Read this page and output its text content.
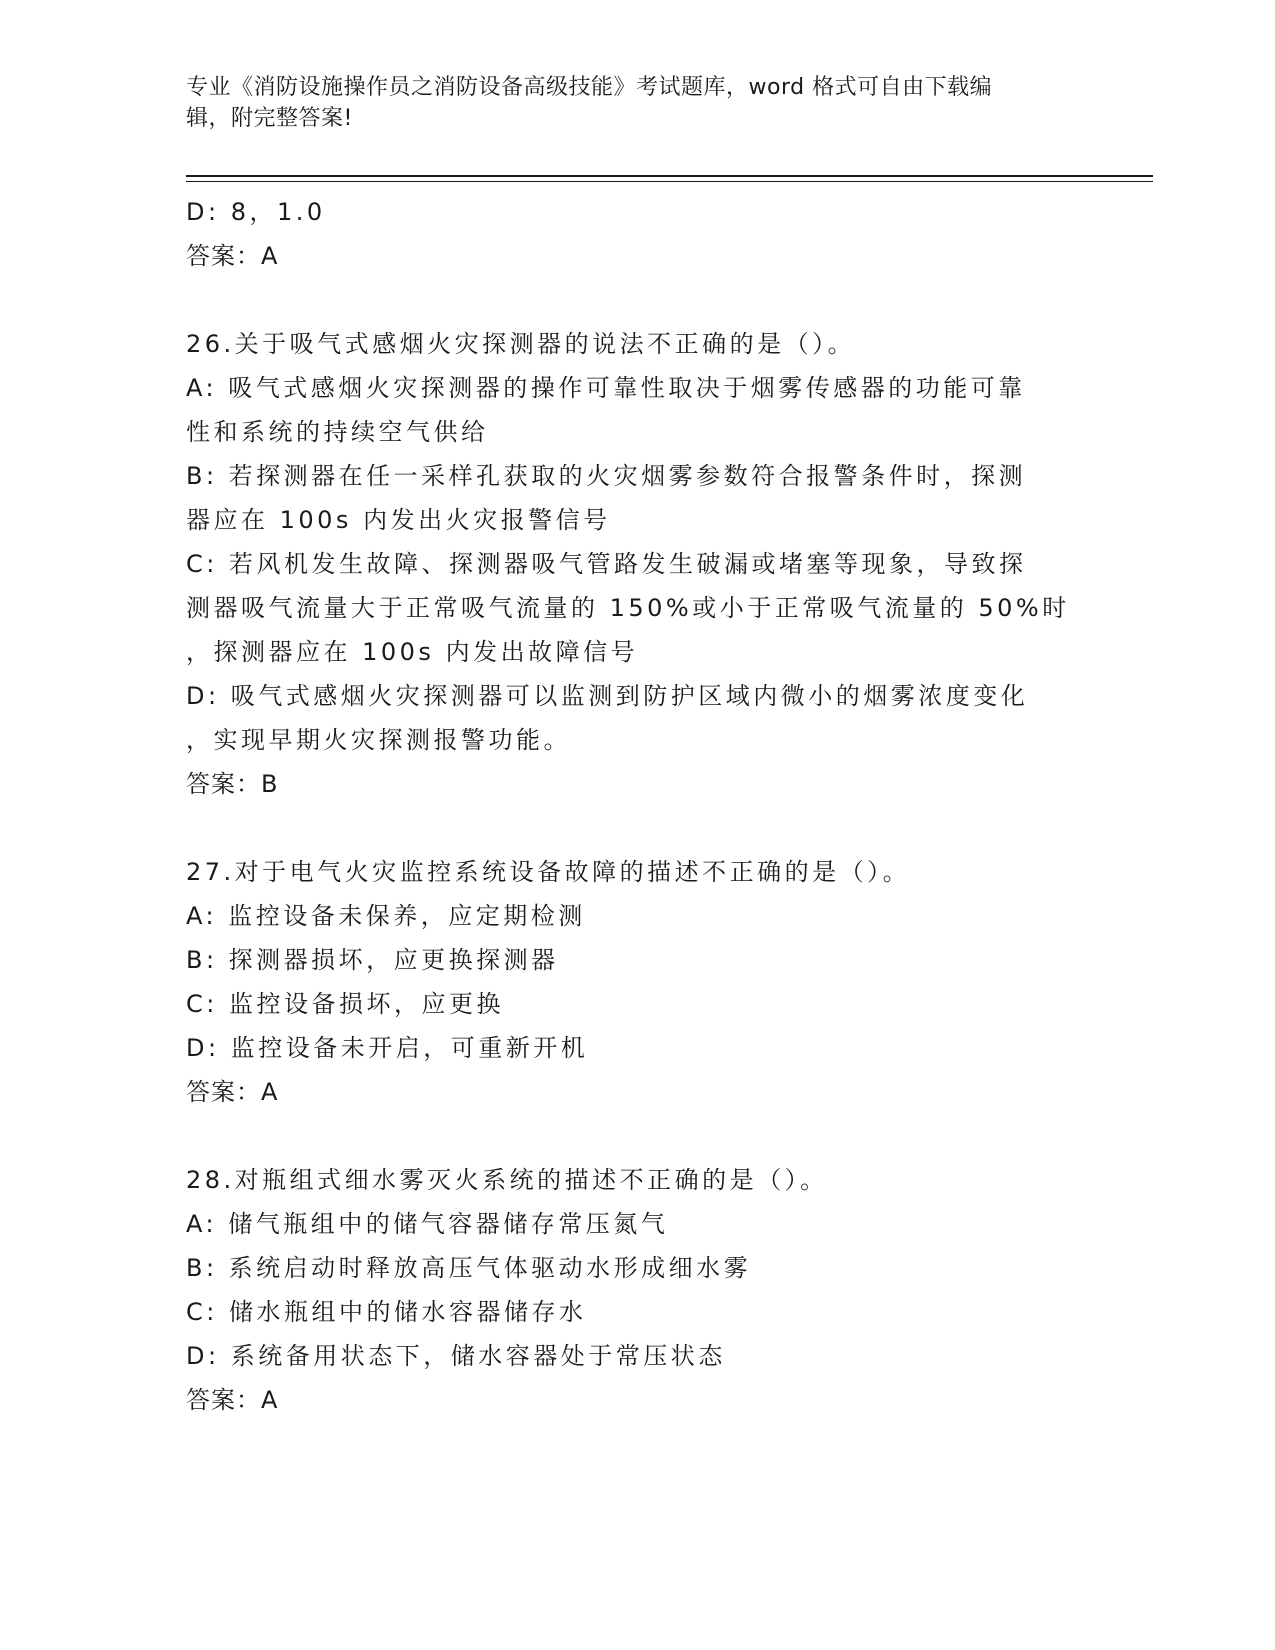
专业《消防设施操作员之消防设备高级技能》考试题库，word 格式可自由下载编
辑，附完整答案!
D: 8，1.0
答案：A
26.关于吸气式感烟火灾探测器的说法不正确的是（）。
A: 吸气式感烟火灾探测器的操作可靠性取决于烟雾传感器的功能可靠
性和系统的持续空气供给
B: 若探测器在任一采样孔获取的火灾烟雾参数符合报警条件时，探测
器应在 100s 内发出火灾报警信号
C: 若风机发生故障、探测器吸气管路发生破漏或堵塞等现象，导致探
测器吸气流量大于正常吸气流量的 150%或小于正常吸气流量的 50%时
，探测器应在 100s 内发出故障信号
D: 吸气式感烟火灾探测器可以监测到防护区域内微小的烟雾浓度变化
，实现早期火灾探测报警功能。
答案：B
27.对于电气火灾监控系统设备故障的描述不正确的是（）。
A: 监控设备未保养，应定期检测
B: 探测器损坏，应更换探测器
C: 监控设备损坏，应更换
D: 监控设备未开启，可重新开机
答案：A
28.对瓶组式细水雾灭火系统的描述不正确的是（）。
A: 储气瓶组中的储气容器储存常压氮气
B: 系统启动时释放高压气体驱动水形成细水雾
C: 储水瓶组中的储水容器储存水
D: 系统备用状态下，储水容器处于常压状态
答案：A
